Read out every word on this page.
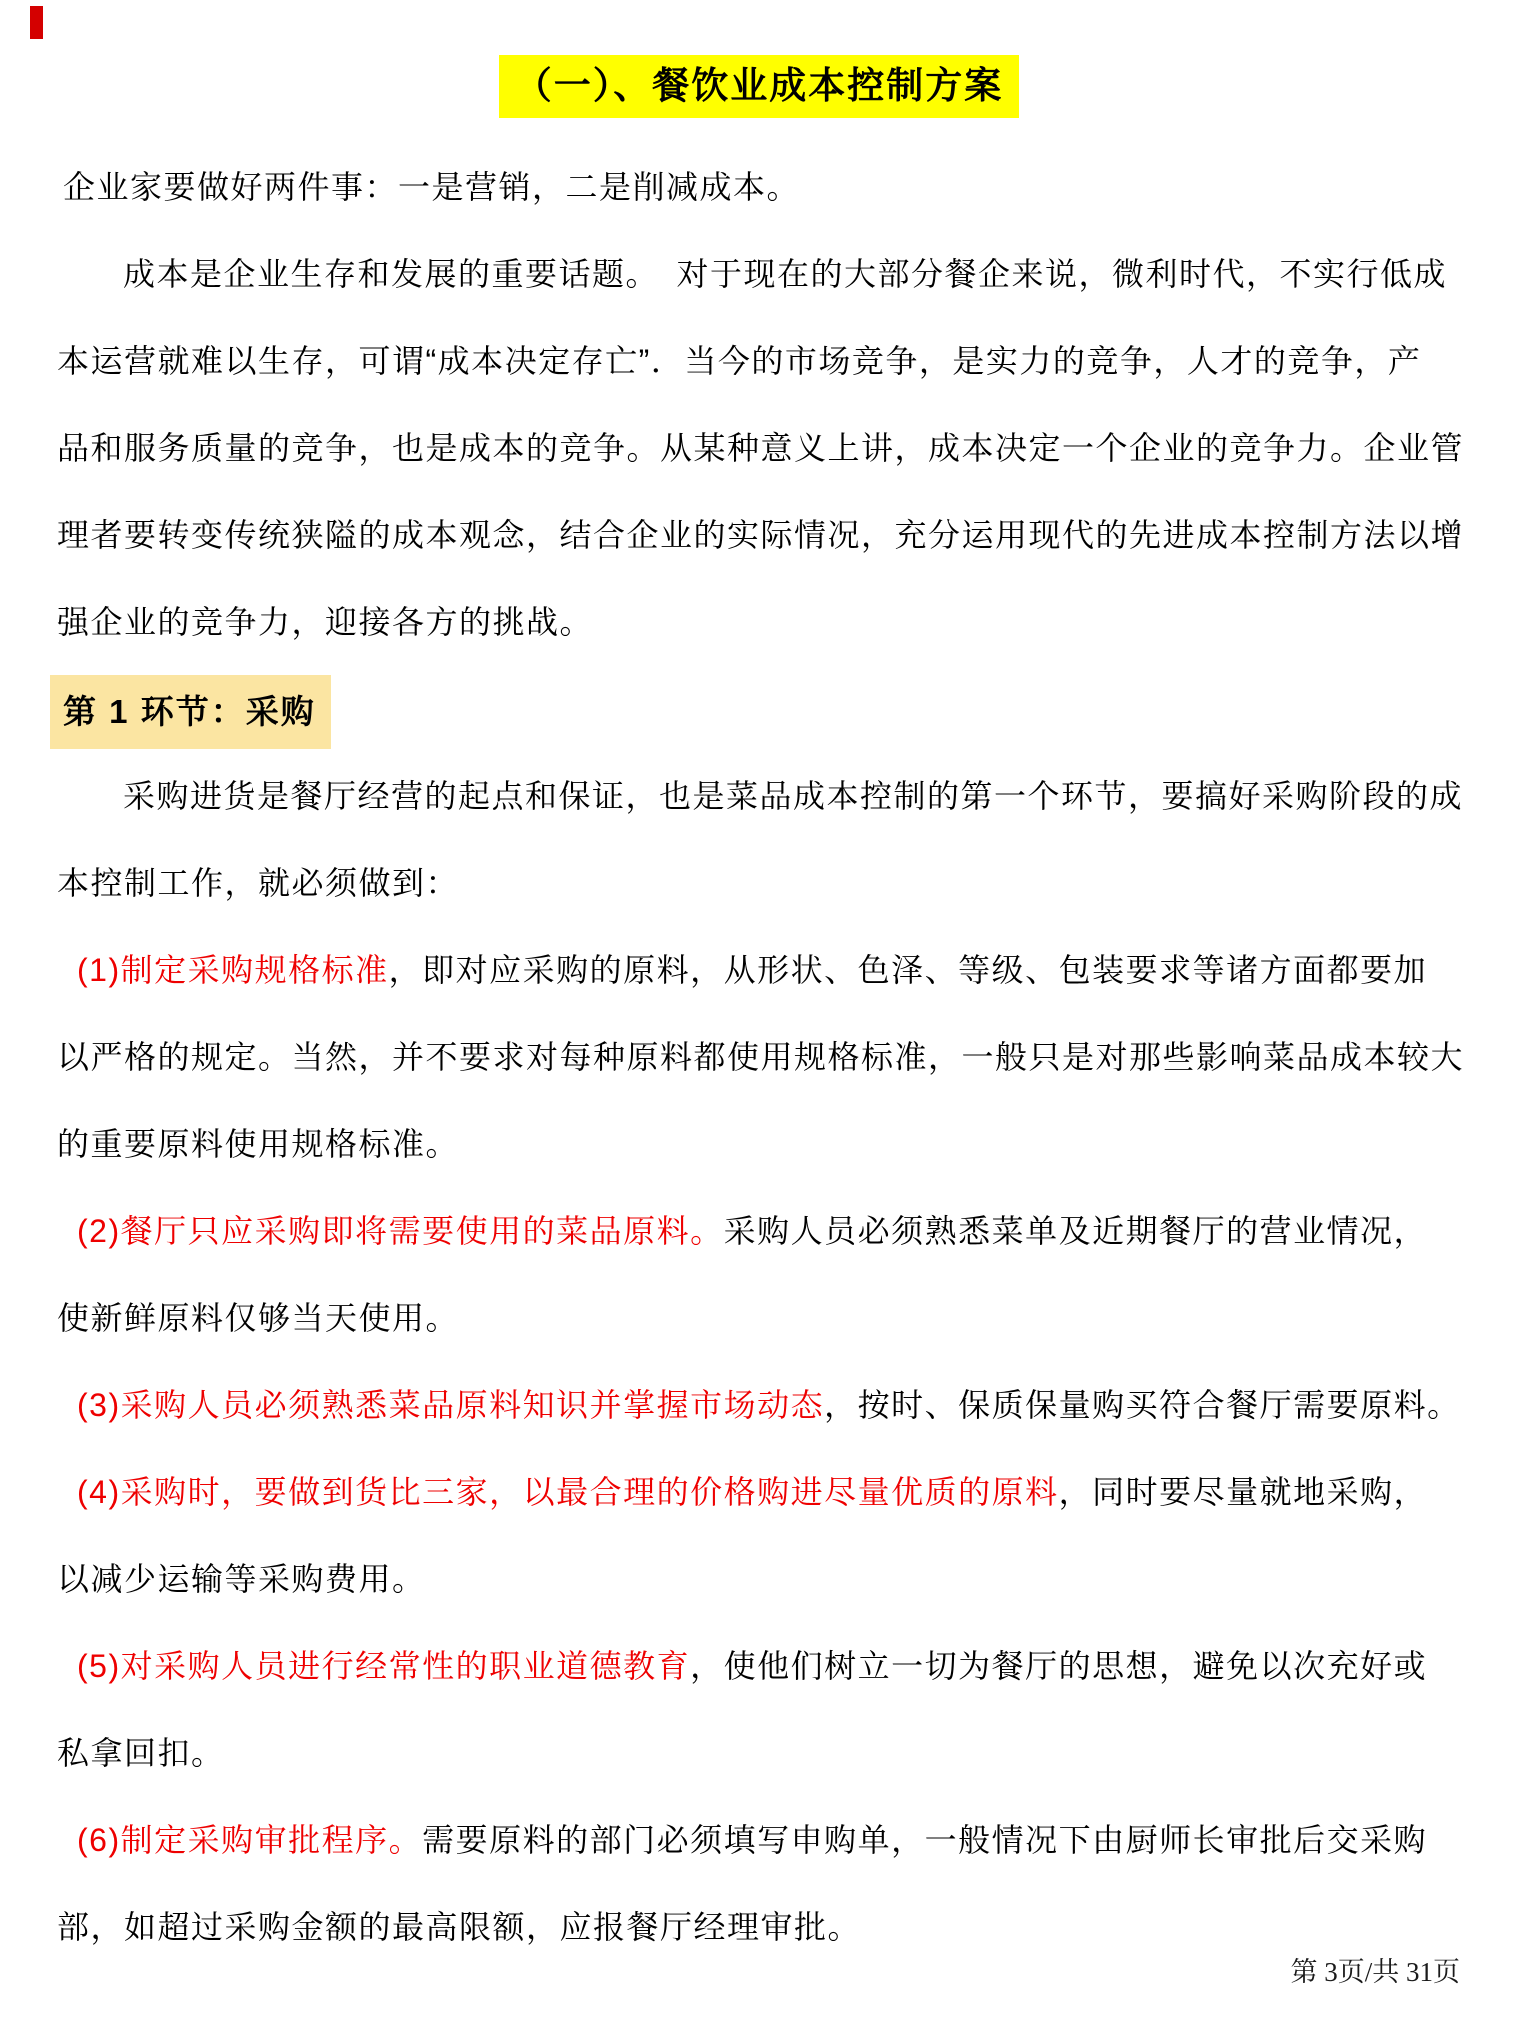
（一）、餐饮业成本控制方案
企业家要做好两件事：一是营销，二是削减成本。
成本是企业生存和发展的重要话题。　对于现在的大部分餐企来说，微利时代，不实行低成
本运营就难以生存，可谓“成本决定存亡”．当今的市场竞争，是实力的竞争，人才的竞争，产
品和服务质量的竞争，也是成本的竞争。从某种意义上讲，成本决定一个企业的竞争力。企业管
理者要转变传统狭隘的成本观念，结合企业的实际情况，充分运用现代的先进成本控制方法以增
强企业的竞争力，迎接各方的挑战。
第 1 环节：采购
采购进货是餐厅经营的起点和保证，也是菜品成本控制的第一个环节，要搞好采购阶段的成
本控制工作，就必须做到：
(1)制定采购规格标准，即对应采购的原料，从形状、色泽、等级、包装要求等诸方面都要加
以严格的规定。当然，并不要求对每种原料都使用规格标准，一般只是对那些影响菜品成本较大
的重要原料使用规格标准。
(2)餐厅只应采购即将需要使用的菜品原料。采购人员必须熟悉菜单及近期餐厅的营业情况，
使新鲜原料仅够当天使用。
(3)采购人员必须熟悉菜品原料知识并掌握市场动态，按时、保质保量购买符合餐厅需要原料。
(4)采购时，要做到货比三家，以最合理的价格购进尽量优质的原料，同时要尽量就地采购，
以减少运输等采购费用。
(5)对采购人员进行经常性的职业道德教育，使他们树立一切为餐厅的思想，避免以次充好或
私拿回扣。
(6)制定采购审批程序。需要原料的部门必须填写申购单，一般情况下由厨师长审批后交采购
部，如超过采购金额的最高限额，应报餐厅经理审批。
第 3页/共 31页
